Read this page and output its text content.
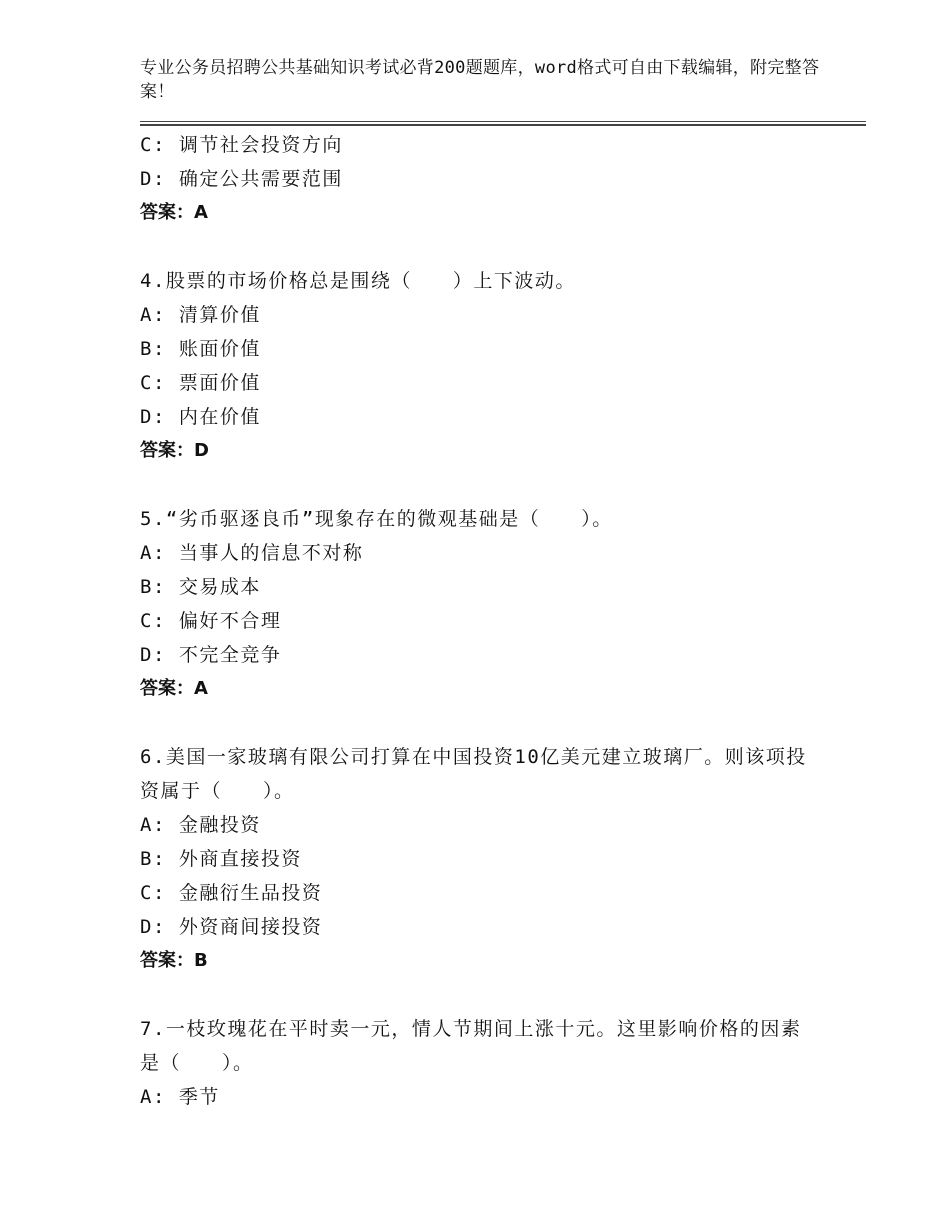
专业公务员招聘公共基础知识考试必背200题题库，word格式可自由下载编辑，附完整答案！
C: 调节社会投资方向
D: 确定公共需要范围
答案：A
4.股票的市场价格总是围绕（　　）上下波动。
A: 清算价值
B: 账面价值
C: 票面价值
D: 内在价值
答案：D
5.“劣币驱逐良币”现象存在的微观基础是（　　）。
A: 当事人的信息不对称
B: 交易成本
C: 偏好不合理
D: 不完全竞争
答案：A
6.美国一家玻璃有限公司打算在中国投资10亿美元建立玻璃厂。则该项投资属于（　　）。
A: 金融投资
B: 外商直接投资
C: 金融衍生品投资
D: 外资商间接投资
答案：B
7.一枝玫瑰花在平时卖一元，情人节期间上涨十元。这里影响价格的因素是（　　）。
A: 季节
